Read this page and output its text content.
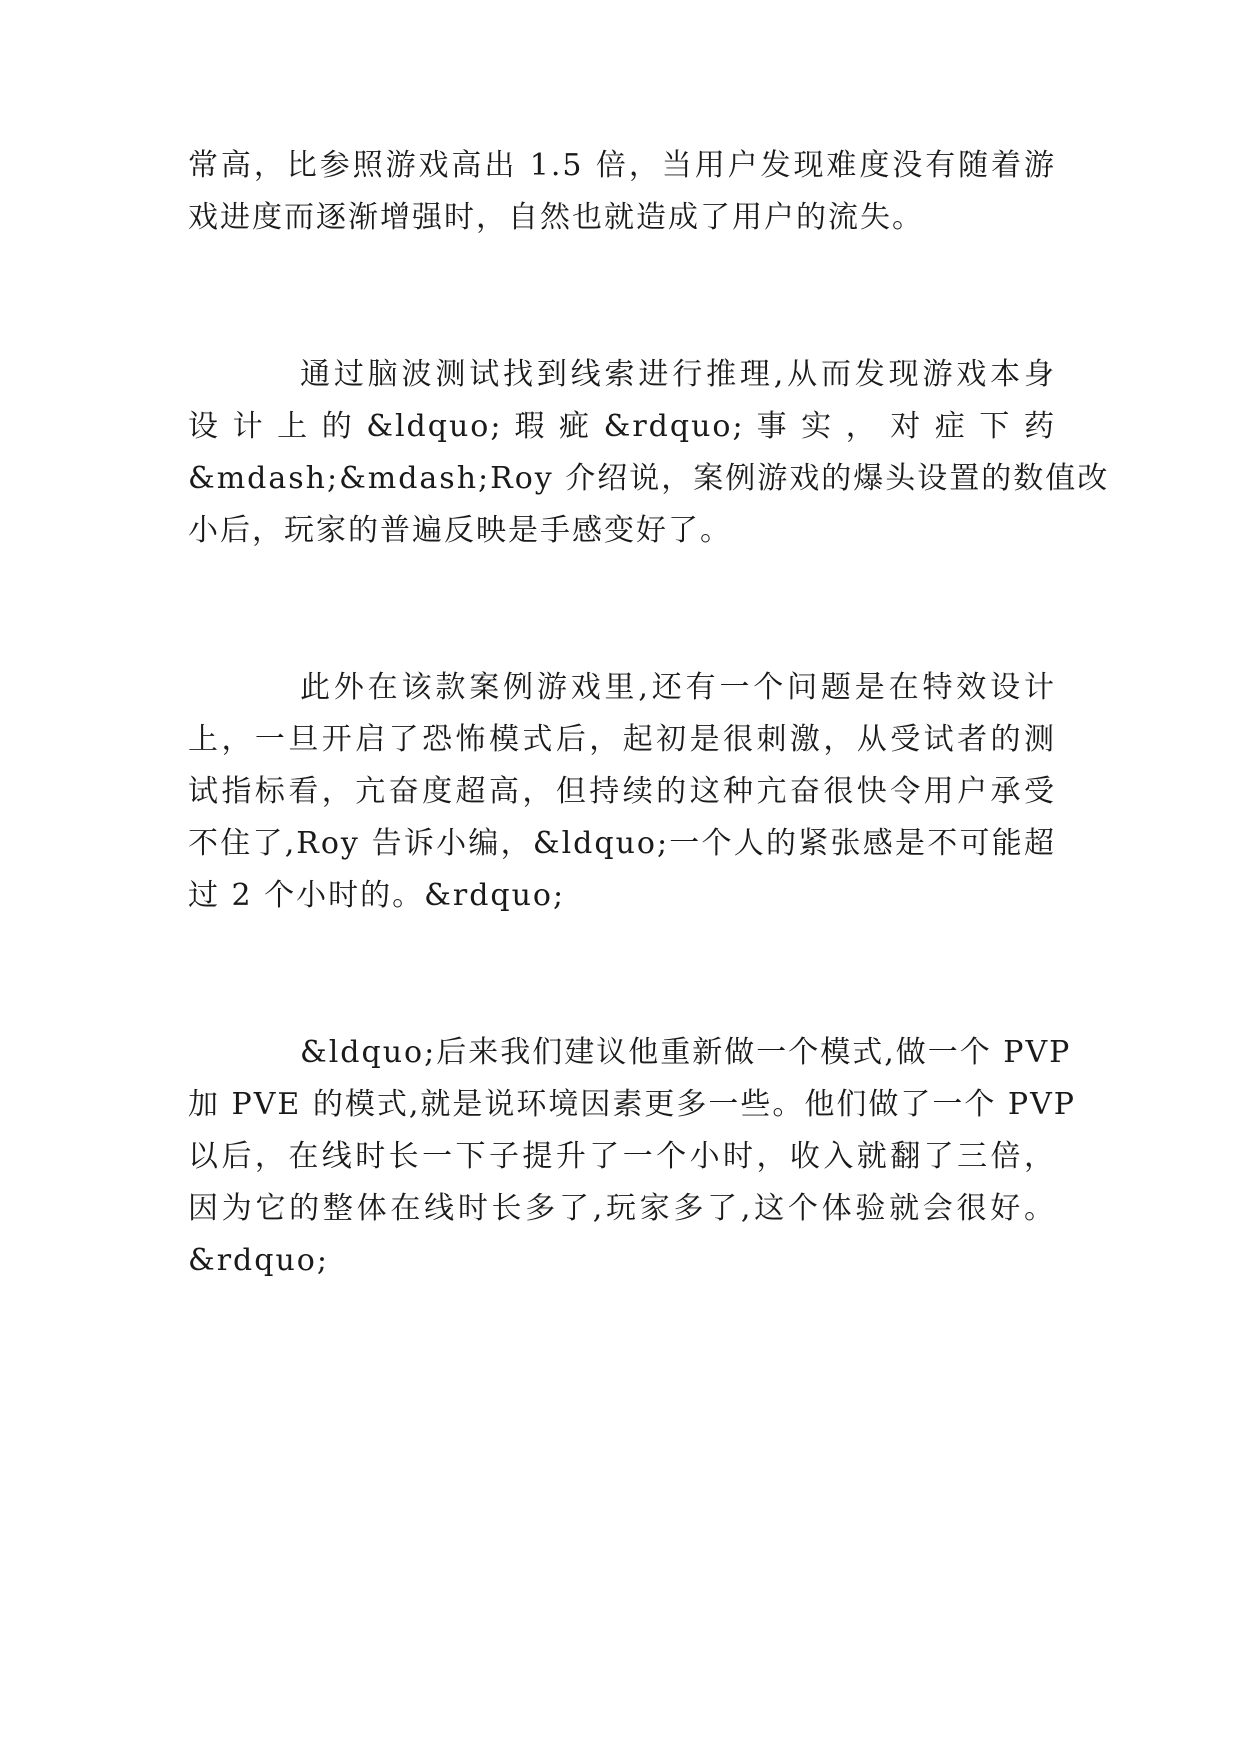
常高，比参照游戏高出 1.5 倍，当用户发现难度没有随着游
戏进度而逐渐增强时，自然也就造成了用户的流失。
通过脑波测试找到线索进行推理,从而发现游戏本身
设 计 上 的 &ldquo; 瑕 疵 &rdquo; 事 实 ， 对 症 下 药
&mdash;&mdash;Roy 介绍说，案例游戏的爆头设置的数值改
小后，玩家的普遍反映是手感变好了。
此外在该款案例游戏里,还有一个问题是在特效设计
上，一旦开启了恐怖模式后，起初是很刺激，从受试者的测
试指标看，亢奋度超高，但持续的这种亢奋很快令用户承受
不住了,Roy 告诉小编，&ldquo;一个人的紧张感是不可能超
过 2 个小时的。&rdquo;
&ldquo;后来我们建议他重新做一个模式,做一个 PVP
加 PVE 的模式,就是说环境因素更多一些。他们做了一个 PVP
以后，在线时长一下子提升了一个小时，收入就翻了三倍，
因为它的整体在线时长多了,玩家多了,这个体验就会很好。
&rdquo;
